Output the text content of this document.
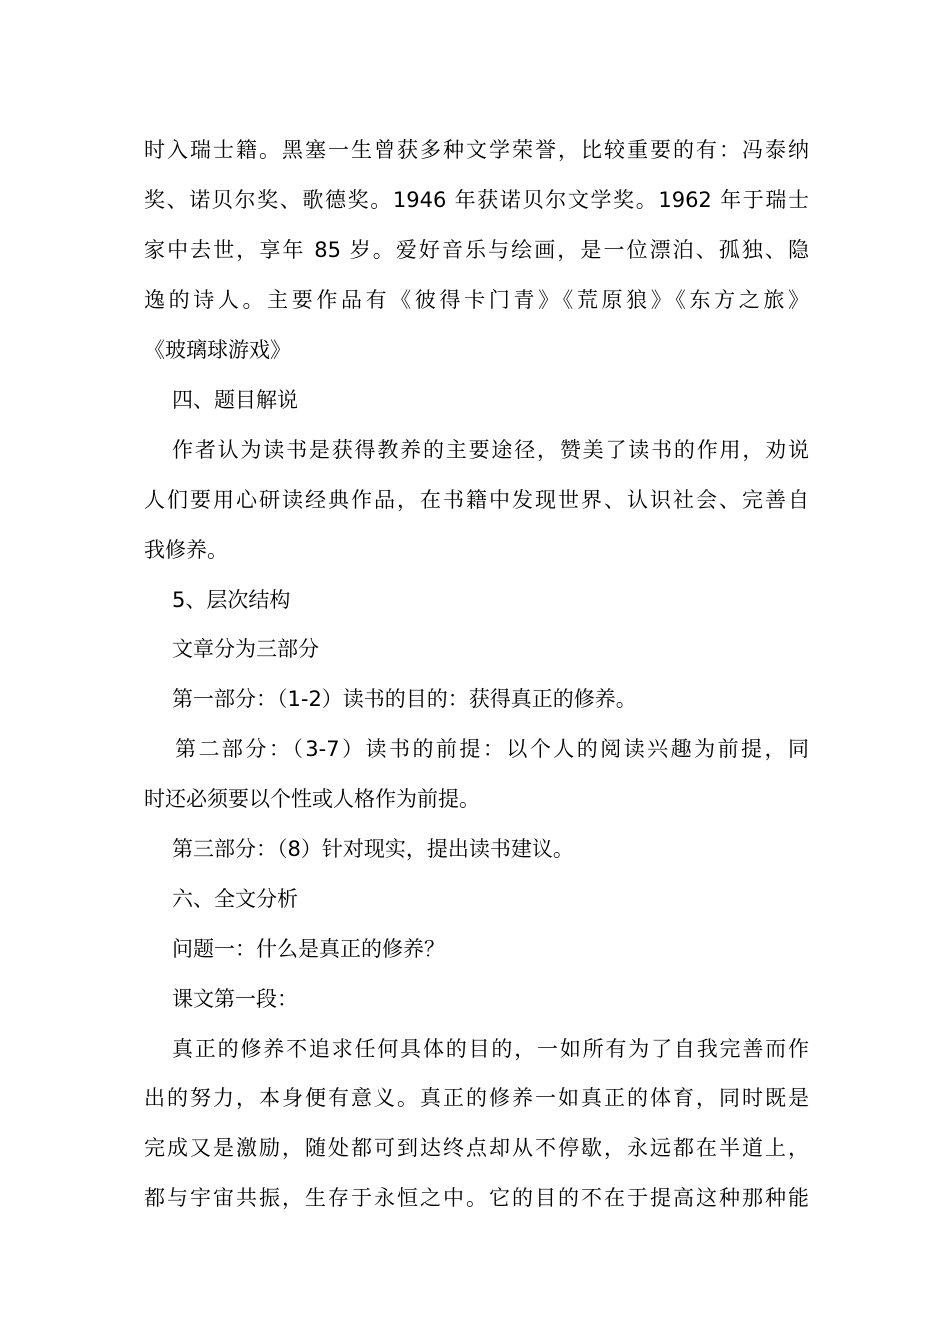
时入瑞士籍。黑塞一生曾获多种文学荣誉，比较重要的有：冯泰纳
奖、诺贝尔奖、歌德奖。1946 年获诺贝尔文学奖。1962 年于瑞士
家中去世，享年 85 岁。爱好音乐与绘画，是一位漂泊、孤独、隐
逸的诗人。主要作品有《彼得卡门青》《荒原狼》《东方之旅》
《玻璃球游戏》
四、题目解说
作者认为读书是获得教养的主要途径，赞美了读书的作用，劝说
人们要用心研读经典作品，在书籍中发现世界、认识社会、完善自
我修养。
5、层次结构
文章分为三部分
第一部分：（1-2）读书的目的：获得真正的修养。
第二部分：（3-7）读书的前提：以个人的阅读兴趣为前提，同
时还必须要以个性或人格作为前提。
第三部分：（8）针对现实，提出读书建议。
六、全文分析
问题一：什么是真正的修养？
课文第一段：
真正的修养不追求任何具体的目的，一如所有为了自我完善而作
出的努力，本身便有意义。真正的修养一如真正的体育，同时既是
完成又是激励，随处都可到达终点却从不停歇，永远都在半道上，
都与宇宙共振，生存于永恒之中。它的目的不在于提高这种那种能
